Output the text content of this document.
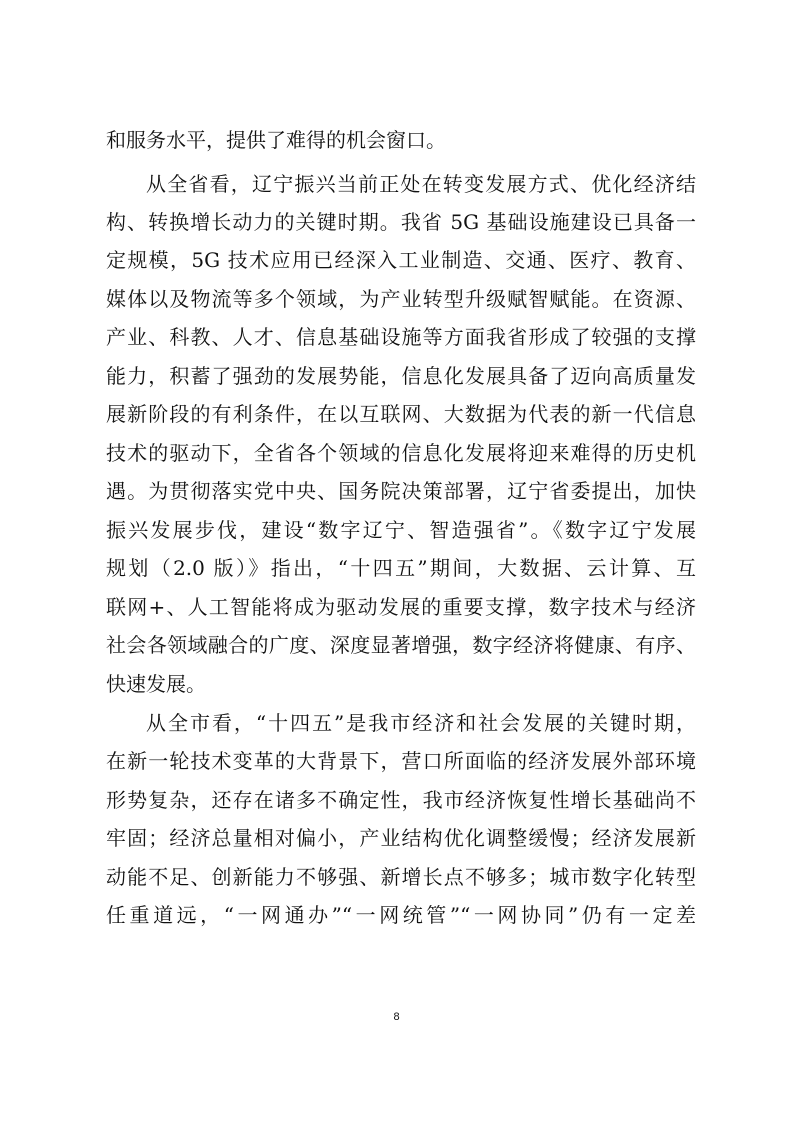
和服务水平，提供了难得的机会窗口。
从全省看，辽宁振兴当前正处在转变发展方式、优化经济结
构、转换增长动力的关键时期。我省 5G 基础设施建设已具备一
定规模，5G 技术应用已经深入工业制造、交通、医疗、教育、
媒体以及物流等多个领域，为产业转型升级赋智赋能。在资源、
产业、科教、人才、信息基础设施等方面我省形成了较强的支撑
能力，积蓄了强劲的发展势能，信息化发展具备了迈向高质量发
展新阶段的有利条件，在以互联网、大数据为代表的新一代信息
技术的驱动下，全省各个领域的信息化发展将迎来难得的历史机
遇。为贯彻落实党中央、国务院决策部署，辽宁省委提出，加快
振兴发展步伐，建设“数字辽宁、智造强省”。《数字辽宁发展
规划（2.0 版）》指出，“十四五”期间，大数据、云计算、互
联网+、人工智能将成为驱动发展的重要支撑，数字技术与经济
社会各领域融合的广度、深度显著增强，数字经济将健康、有序、
快速发展。
从全市看，“十四五”是我市经济和社会发展的关键时期，
在新一轮技术变革的大背景下，营口所面临的经济发展外部环境
形势复杂，还存在诸多不确定性，我市经济恢复性增长基础尚不
牢固；经济总量相对偏小，产业结构优化调整缓慢；经济发展新
动能不足、创新能力不够强、新增长点不够多；城市数字化转型
任重道远，“一网通办”“一网统管”“一网协同”仍有一定差
8
